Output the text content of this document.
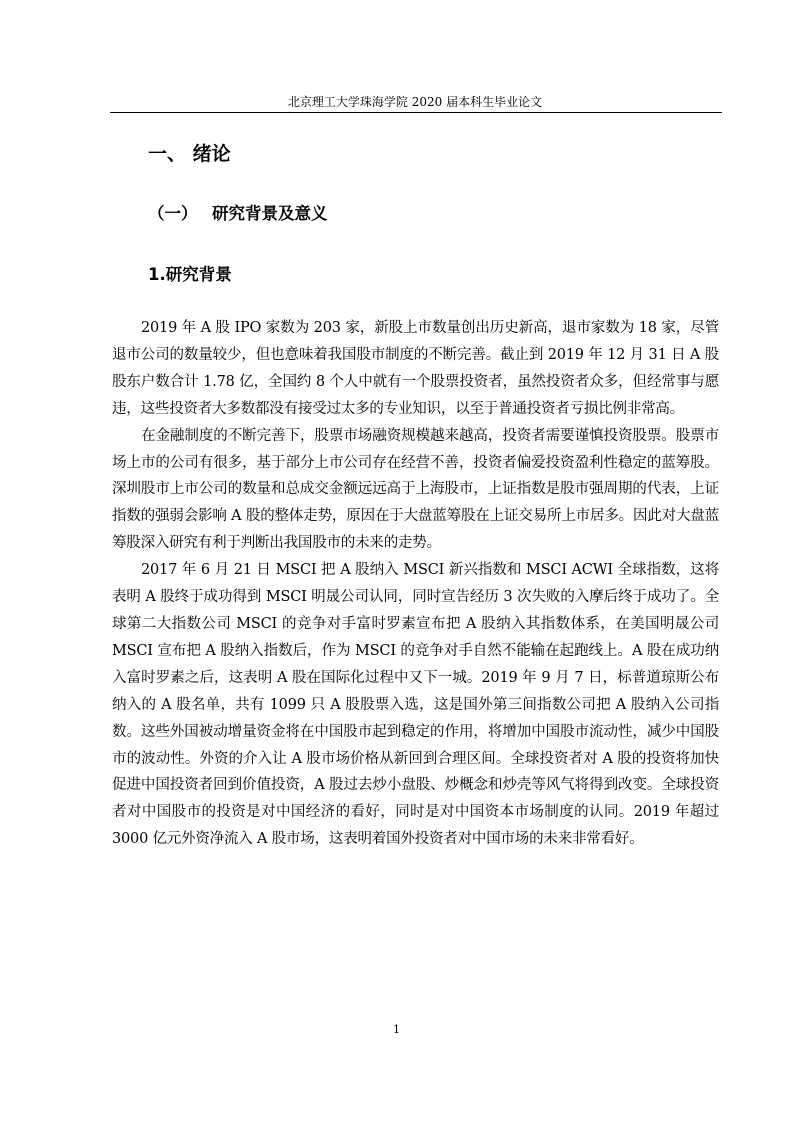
北京理工大学珠海学院 2020 届本科生毕业论文
一、 绪论
（一） 研究背景及意义
1.研究背景

2019 年 A 股 IPO 家数为 203 家，新股上市数量创出历史新高，退市家数为 18 家，尽管退市公司的数量较少，但也意味着我国股市制度的不断完善。截止到 2019 年 12 月 31 日 A 股股东户数合计 1.78 亿，全国约 8 个人中就有一个股票投资者，虽然投资者众多，但经常事与愿违，这些投资者大多数都没有接受过太多的专业知识，以至于普通投资者亏损比例非常高。

在金融制度的不断完善下，股票市场融资规模越来越高，投资者需要谨慎投资股票。股票市场上市的公司有很多，基于部分上市公司存在经营不善，投资者偏爱投资盈利性稳定的蓝筹股。深圳股市上市公司的数量和总成交金额远远高于上海股市，上证指数是股市强周期的代表，上证指数的强弱会影响 A 股的整体走势，原因在于大盘蓝筹股在上证交易所上市居多。因此对大盘蓝筹股深入研究有利于判断出我国股市的未来的走势。

2017 年 6 月 21 日 MSCI 把 A 股纳入 MSCI 新兴指数和 MSCI ACWI 全球指数，这将表明 A 股终于成功得到 MSCI 明晟公司认同，同时宣告经历 3 次失败的入摩后终于成功了。全球第二大指数公司 MSCI 的竞争对手富时罗素宣布把 A 股纳入其指数体系，在美国明晟公司 MSCI 宣布把 A 股纳入指数后，作为 MSCI 的竞争对手自然不能输在起跑线上。A 股在成功纳入富时罗素之后，这表明 A 股在国际化过程中又下一城。2019 年 9 月 7 日，标普道琼斯公布纳入的 A 股名单，共有 1099 只 A 股股票入选，这是国外第三间指数公司把 A 股纳入公司指数。这些外国被动增量资金将在中国股市起到稳定的作用，将增加中国股市流动性，减少中国股市的波动性。外资的介入让 A 股市场价格从新回到合理区间。全球投资者对 A 股的投资将加快促进中国投资者回到价值投资，A 股过去炒小盘股、炒概念和炒壳等风气将得到改变。全球投资者对中国股市的投资是对中国经济的看好，同时是对中国资本市场制度的认同。2019 年超过 3000 亿元外资净流入 A 股市场，这表明着国外投资者对中国市场的未来非常看好。

1
